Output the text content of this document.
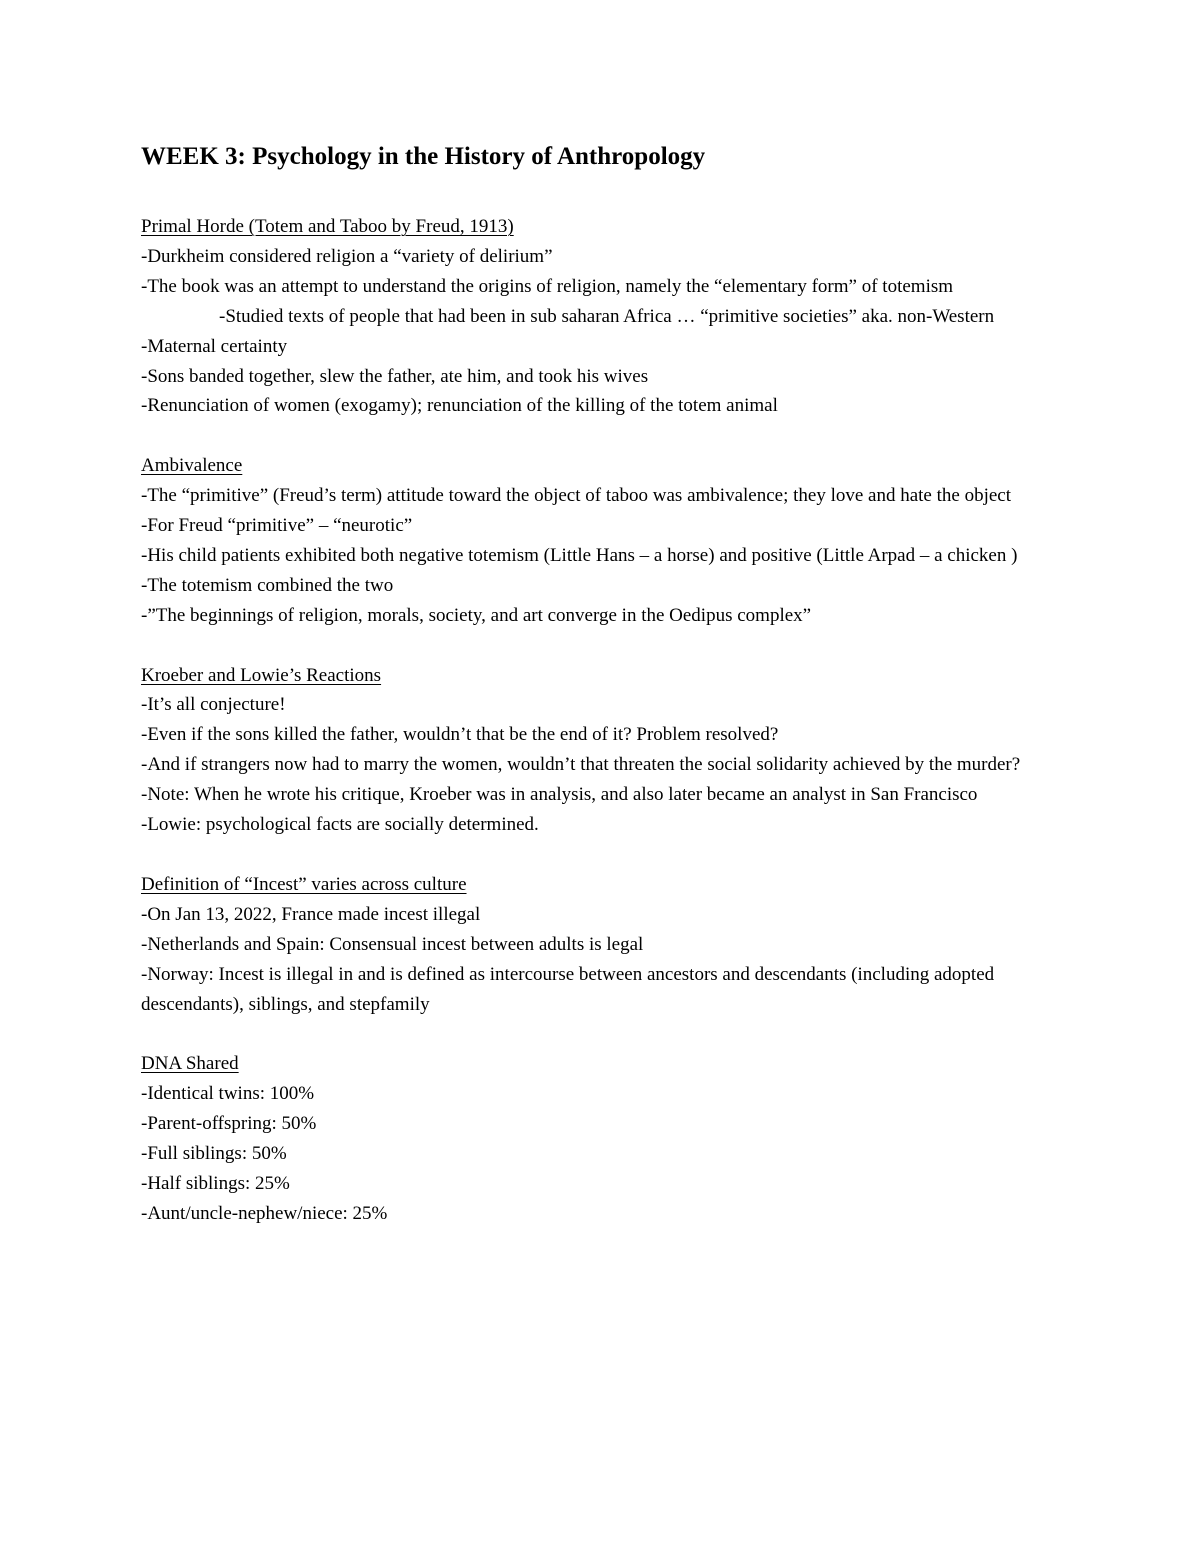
WEEK 3: Psychology in the History of Anthropology

Primal Horde (Totem and Taboo by Freud, 1913)

-Durkheim considered religion a “variety of delirium”

-The book was an attempt to understand the origins of religion, namely the “elementary form” of totemism

-Studied texts of people that had been in sub saharan Africa … “primitive societies” aka. non-Western

-Maternal certainty

-Sons banded together, slew the father, ate him, and took his wives

-Renunciation of women (exogamy); renunciation of the killing of the totem animal

Ambivalence

-The “primitive” (Freud’s term) attitude toward the object of taboo was ambivalence; they love and hate the object

-For Freud “primitive” – “neurotic”

-His child patients exhibited both negative totemism (Little Hans – a horse) and positive (Little Arpad – a chicken )

-The totemism combined the two

-”The beginnings of religion, morals, society, and art converge in the Oedipus complex”

Kroeber and Lowie’s Reactions

-It’s all conjecture!

-Even if the sons killed the father, wouldn’t that be the end of it? Problem resolved?

-And if strangers now had to marry the women, wouldn’t that threaten the social solidarity achieved by the murder?

-Note: When he wrote his critique, Kroeber was in analysis, and also later became an analyst in San Francisco

-Lowie: psychological facts are socially determined.

Definition of “Incest” varies across culture

-On Jan 13, 2022, France made incest illegal

-Netherlands and Spain: Consensual incest between adults is legal

-Norway: Incest is illegal in and is defined as intercourse between ancestors and descendants (including adopted descendants), siblings, and stepfamily

DNA Shared

-Identical twins: 100%

-Parent-offspring: 50%

-Full siblings: 50%

-Half siblings: 25%

-Aunt/uncle-nephew/niece: 25%
